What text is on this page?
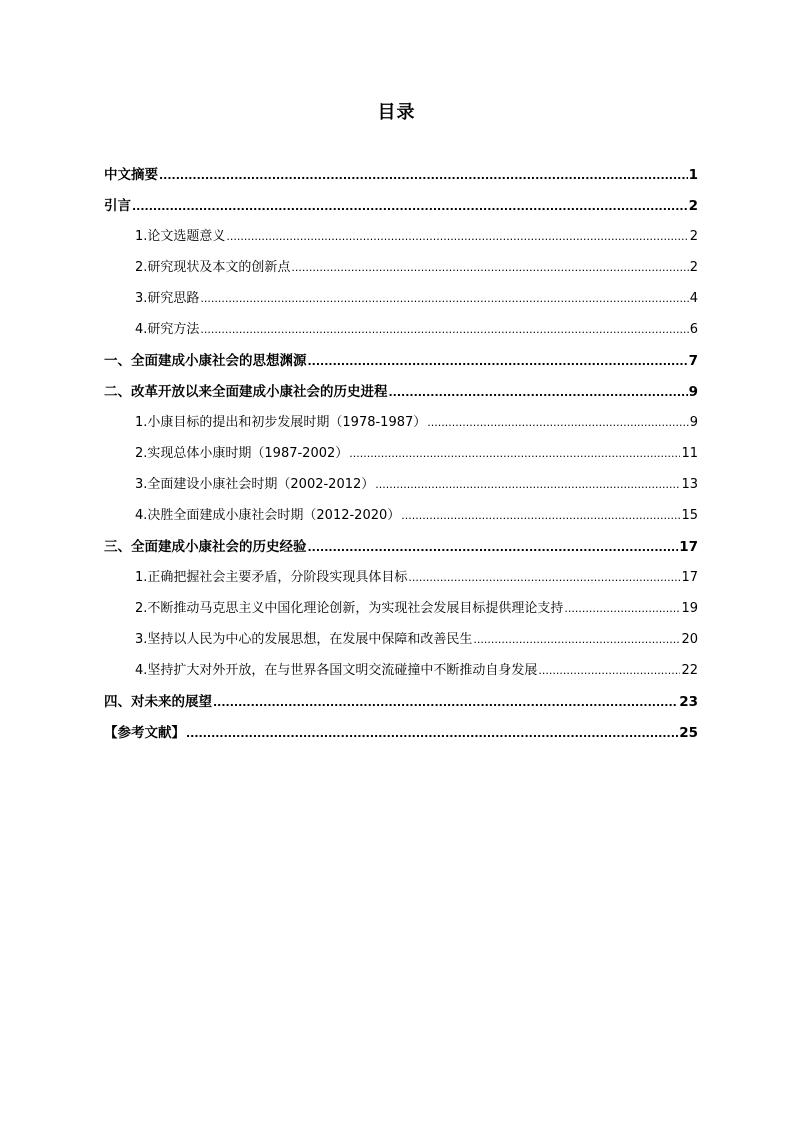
目录
中文摘要 .....	1
引言 .....	2
1.论文选题意义 .....	2
2.研究现状及本文的创新点 .....	2
3.研究思路 .....	4
4.研究方法 .....	6
一、全面建成小康社会的思想渊源 .....	7
二、改革开放以来全面建成小康社会的历史进程 .....	9
1.小康目标的提出和初步发展时期（1978-1987） .....	9
2.实现总体小康时期（1987-2002） .....	11
3.全面建设小康社会时期（2002-2012） .....	13
4.决胜全面建成小康社会时期（2012-2020） .....	15
三、全面建成小康社会的历史经验 .....	17
1.正确把握社会主要矛盾，分阶段实现具体目标 .....	17
2.不断推动马克思主义中国化理论创新，为实现社会发展目标提供理论支持 .....	19
3.坚持以人民为中心的发展思想，在发展中保障和改善民生 .....	20
4.坚持扩大对外开放，在与世界各国文明交流碰撞中不断推动自身发展 .....	22
四、对未来的展望 .....	23
【参考文献】 .....	25
